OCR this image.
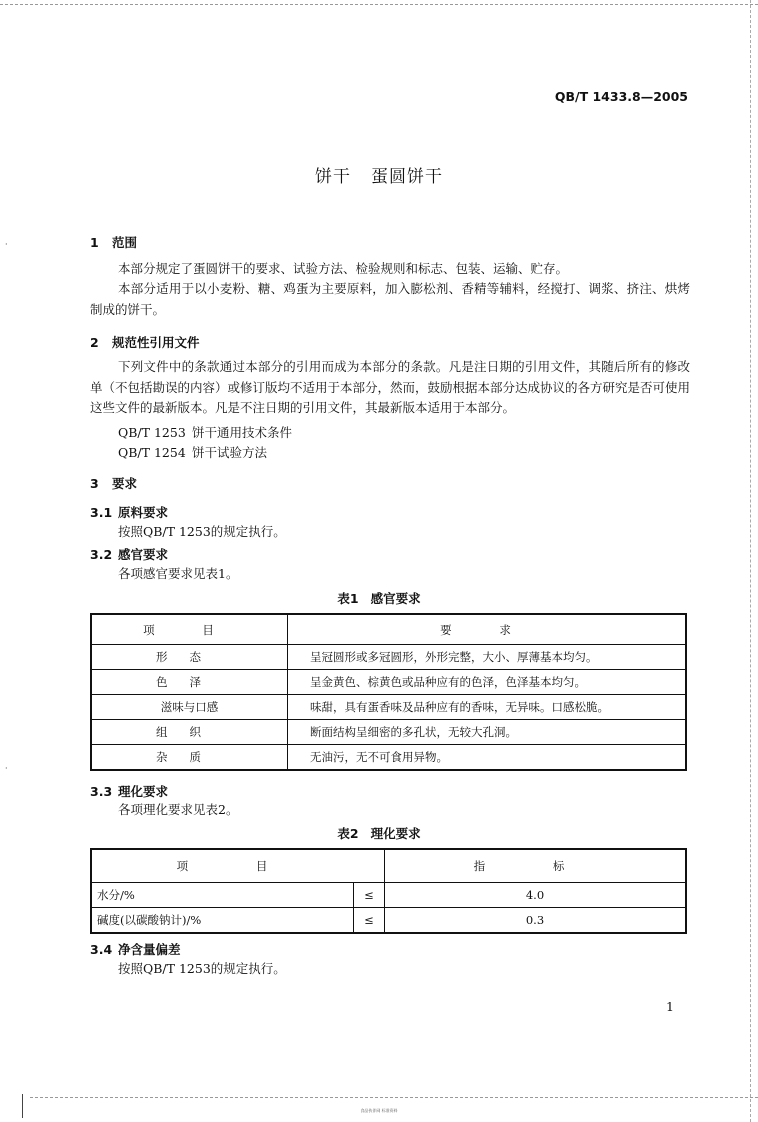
·
·
QB/T 1433.8—2005
饼干 蛋圆饼干
1 范围
本部分规定了蛋圆饼干的要求、试验方法、检验规则和标志、包装、运输、贮存。
本部分适用于以小麦粉、糖、鸡蛋为主要原料，加入膨松剂、香精等辅料，经搅打、调浆、挤注、烘烤制成的饼干。
2 规范性引用文件
下列文件中的条款通过本部分的引用而成为本部分的条款。凡是注日期的引用文件，其随后所有的修改单（不包括勘误的内容）或修订版均不适用于本部分，然而，鼓励根据本部分达成协议的各方研究是否可使用这些文件的最新版本。凡是不注日期的引用文件，其最新版本适用于本部分。
QB/T 1253 饼干通用技术条件
QB/T 1254 饼干试验方法
3 要求
3.1 原料要求
按照QB/T 1253的规定执行。
3.2 感官要求
各项感官要求见表1。
表1 感官要求
项 目	要 求
形态	呈冠圆形或多冠圆形，外形完整，大小、厚薄基本均匀。
色泽	呈金黄色、棕黄色或品种应有的色泽，色泽基本均匀。
滋味与口感	味甜，具有蛋香味及品种应有的香味，无异味。口感松脆。
组织	断面结构呈细密的多孔状，无较大孔洞。
杂质	无油污，无不可食用异物。
3.3 理化要求
各项理化要求见表2。
表2 理化要求
项 目		指 标
水分/%	≤	4.0
碱度(以碳酸钠计)/%	≤	0.3
3.4 净含量偏差
按照QB/T 1253的规定执行。
1
食品伙伴网 标准资料
